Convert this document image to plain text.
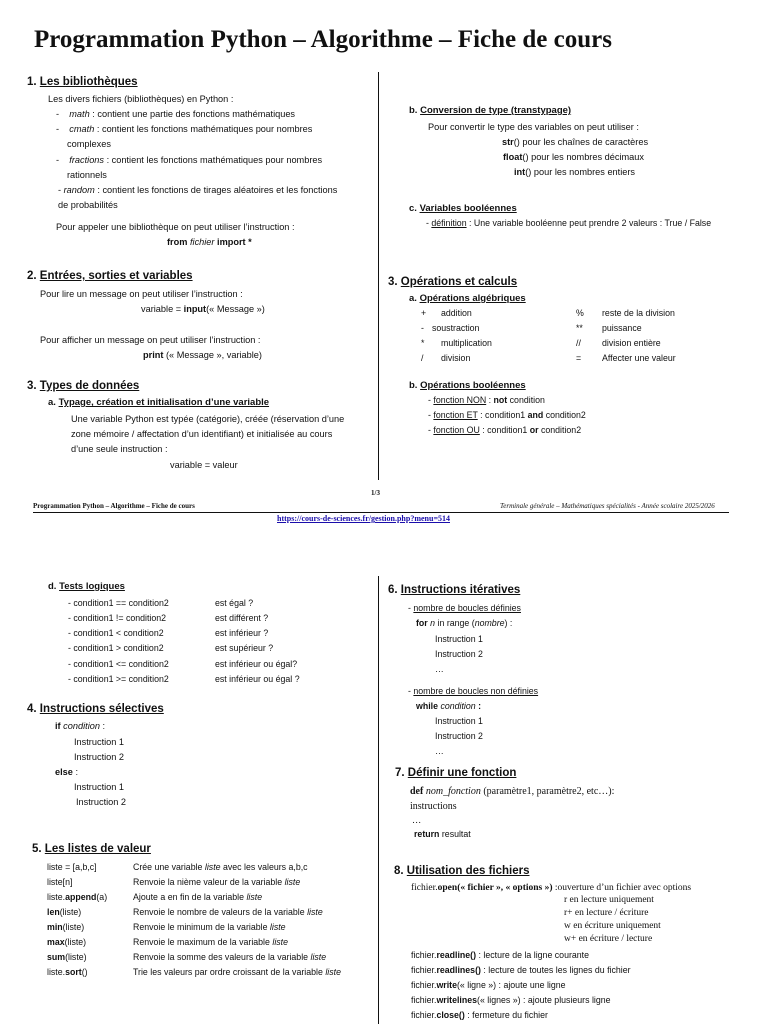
Programmation Python – Algorithme – Fiche de cours
1. Les bibliothèques
Les divers fichiers (bibliothèques) en Python :
-    math : contient une partie des fonctions mathématiques
-    cmath : contient les fonctions mathématiques pour nombres
complexes
-    fractions : contient les fonctions mathématiques pour nombres
rationnels
- random : contient les fonctions de tirages aléatoires et les fonctions
de probabilités
Pour appeler une bibliothèque on peut utiliser l’instruction :
from fichier import *
2. Entrées, sorties et variables
Pour lire un message on peut utiliser l’instruction :
variable = input(« Message »)
Pour afficher un message on peut utiliser l’instruction :
print (« Message », variable)
3. Types de données
a. Typage, création et initialisation d’une variable
Une variable Python est typée (catégorie), créée (réservation d’une
zone mémoire / affectation d’un identifiant) et initialisée au cours
d’une seule instruction :
variable = valeur
b. Conversion de type (transtypage)
Pour convertir le type des variables on peut utiliser :
str() pour les chaînes de caractères
float() pour les nombres décimaux
int() pour les nombres entiers
c. Variables booléennes
- définition : Une variable booléenne peut prendre 2 valeurs : True / False
3. Opérations et calculs
a. Opérations algébriques
+ addition	% reste de la division
- soustraction	** puissance
* multiplication	// division entière
/ division	= Affecter une valeur
b. Opérations booléennes
- fonction NON : not condition
- fonction ET : condition1 and condition2
- fonction OU : condition1 or condition2
1/3
Programmation Python – Algorithme – Fiche de cours	Terminale générale – Mathématiques spécialités - Année scolaire 2025/2026
https://cours-de-sciences.fr/gestion.php?menu=514
d. Tests logiques
- condition1 == condition2	est égal ?
- condition1 != condition2	est différent ?
- condition1 < condition2	est inférieur ?
- condition1 > condition2	est supérieur ?
- condition1 <= condition2	est inférieur ou égal?
- condition1 >= condition2	est inférieur ou égal ?
4. Instructions sélectives
if condition :
Instruction 1
Instruction 2
else :
Instruction 1
Instruction 2
5. Les listes de valeur
liste = [a,b,c]	Crée une variable liste avec les valeurs a,b,c
liste[n]	Renvoie la nième valeur de la variable liste
liste.append(a)	Ajoute a en fin de la variable liste
len(liste)	Renvoie le nombre de valeurs de la variable liste
min(liste)	Renvoie le minimum de la variable liste
max(liste)	Renvoie le maximum de la variable liste
sum(liste)	Renvoie la somme des valeurs de la variable liste
liste.sort()	Trie les valeurs par ordre croissant de la variable liste
6. Instructions itératives
- nombre de boucles définies
for n in range (nombre) :
Instruction 1
Instruction 2
…
- nombre de boucles non définies
while condition :
Instruction 1
Instruction 2
…
7. Définir une fonction
def nom_fonction (paramètre1, paramètre2, etc…):
instructions
…
return resultat
8. Utilisation des fichiers
fichier.open(« fichier », « options ») :ouverture d’un fichier avec options
r en lecture uniquement
r+ en lecture / écriture
w en écriture uniquement
w+ en écriture / lecture
fichier.readline() : lecture de la ligne courante
fichier.readlines() : lecture de toutes les lignes du fichier
fichier.write(« ligne ») : ajoute une ligne
fichier.writelines(« lignes ») : ajoute plusieurs ligne
fichier.close() : fermeture du fichier
